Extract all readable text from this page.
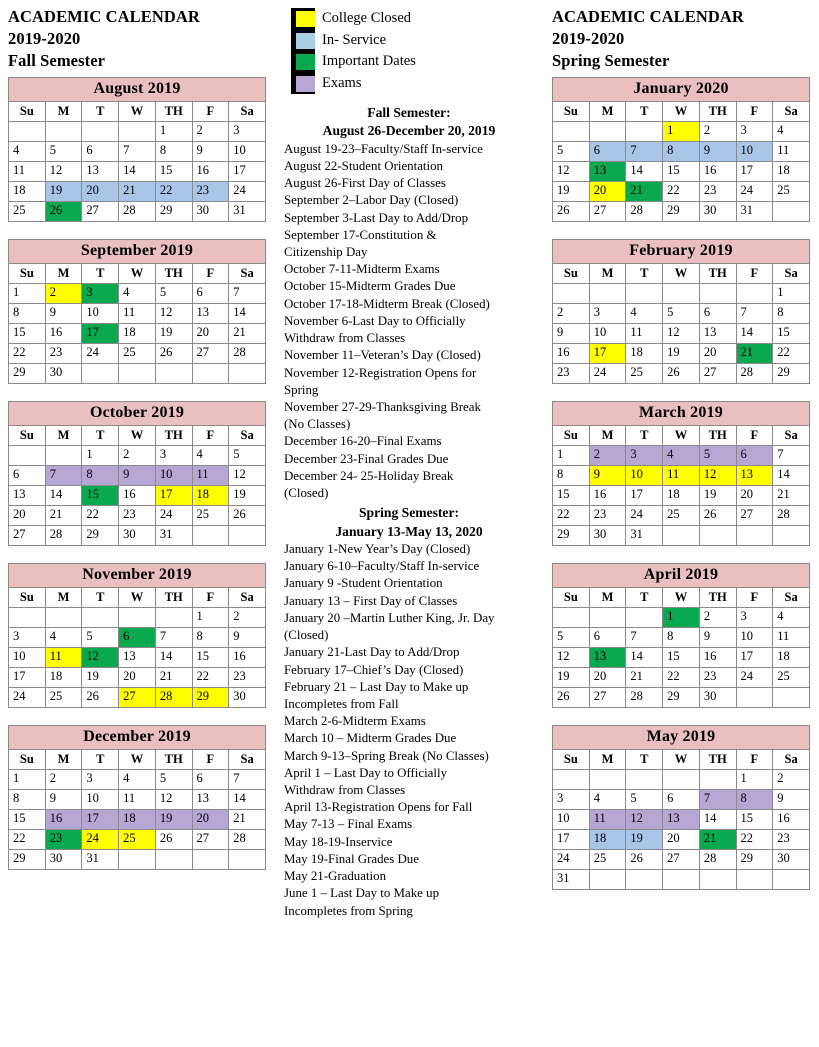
ACADEMIC CALENDAR
2019-2020
Fall Semester
August 2019						
Su	M	T	W	TH	F	Sa
				1	2	3
4	5	6	7	8	9	10
11	12	13	14	15	16	17
18	19	20	21	22	23	24
25	26	27	28	29	30	31
September 2019						
Su	M	T	W	TH	F	Sa
1	2	3	4	5	6	7
8	9	10	11	12	13	14
15	16	17	18	19	20	21
22	23	24	25	26	27	28
29	30					
October 2019						
Su	M	T	W	TH	F	Sa
		1	2	3	4	5
6	7	8	9	10	11	12
13	14	15	16	17	18	19
20	21	22	23	24	25	26
27	28	29	30	31		
November 2019						
Su	M	T	W	TH	F	Sa
					1	2
3	4	5	6	7	8	9
10	11	12	13	14	15	16
17	18	19	20	21	22	23
24	25	26	27	28	29	30
December 2019						
Su	M	T	W	TH	F	Sa
1	2	3	4	5	6	7
8	9	10	11	12	13	14
15	16	17	18	19	20	21
22	23	24	25	26	27	28
29	30	31				
College Closed
In- Service
Important Dates
Exams
Fall Semester:
August 26-December 20, 2019
August 19-23–Faculty/Staff In-service
August 22-Student Orientation
August 26-First Day of Classes
September 2–Labor Day (Closed)
September 3-Last Day to Add/Drop
September 17-Constitution &
Citizenship Day
October 7-11-Midterm Exams
October 15-Midterm Grades Due
October 17-18-Midterm Break (Closed)
November 6-Last Day to Officially
Withdraw from Classes
November 11–Veteran’s Day (Closed)
November 12-Registration Opens for
Spring
November 27-29-Thanksgiving Break
(No Classes)
December 16-20–Final Exams
December 23-Final Grades Due
December 24- 25-Holiday Break
(Closed)
Spring Semester:
January 13-May 13, 2020
January 1-New Year’s Day (Closed)
January 6-10–Faculty/Staff In-service
January 9 -Student Orientation
January 13 – First Day of Classes
January 20 –Martin Luther King, Jr. Day
(Closed)
January 21-Last Day to Add/Drop
February 17–Chief’s Day (Closed)
February 21 – Last Day to Make up
Incompletes from Fall
March 2-6-Midterm Exams
March 10 – Midterm Grades Due
March 9-13–Spring Break (No Classes)
April 1 – Last Day to Officially
Withdraw from Classes
April 13-Registration Opens for Fall
May 7-13 – Final Exams
May 18-19-Inservice
May 19-Final Grades Due
May 21-Graduation
June 1 – Last Day to Make up
Incompletes from Spring
ACADEMIC CALENDAR
2019-2020
Spring Semester
January 2020						
Su	M	T	W	TH	F	Sa
			1	2	3	4
5	6	7	8	9	10	11
12	13	14	15	16	17	18
19	20	21	22	23	24	25
26	27	28	29	30	31	
February 2019						
Su	M	T	W	TH	F	Sa
						1
2	3	4	5	6	7	8
9	10	11	12	13	14	15
16	17	18	19	20	21	22
23	24	25	26	27	28	29
March 2019						
Su	M	T	W	TH	F	Sa
1	2	3	4	5	6	7
8	9	10	11	12	13	14
15	16	17	18	19	20	21
22	23	24	25	26	27	28
29	30	31				
April 2019						
Su	M	T	W	TH	F	Sa
			1	2	3	4
5	6	7	8	9	10	11
12	13	14	15	16	17	18
19	20	21	22	23	24	25
26	27	28	29	30		
May 2019						
Su	M	T	W	TH	F	Sa
					1	2
3	4	5	6	7	8	9
10	11	12	13	14	15	16
17	18	19	20	21	22	23
24	25	26	27	28	29	30
31						
